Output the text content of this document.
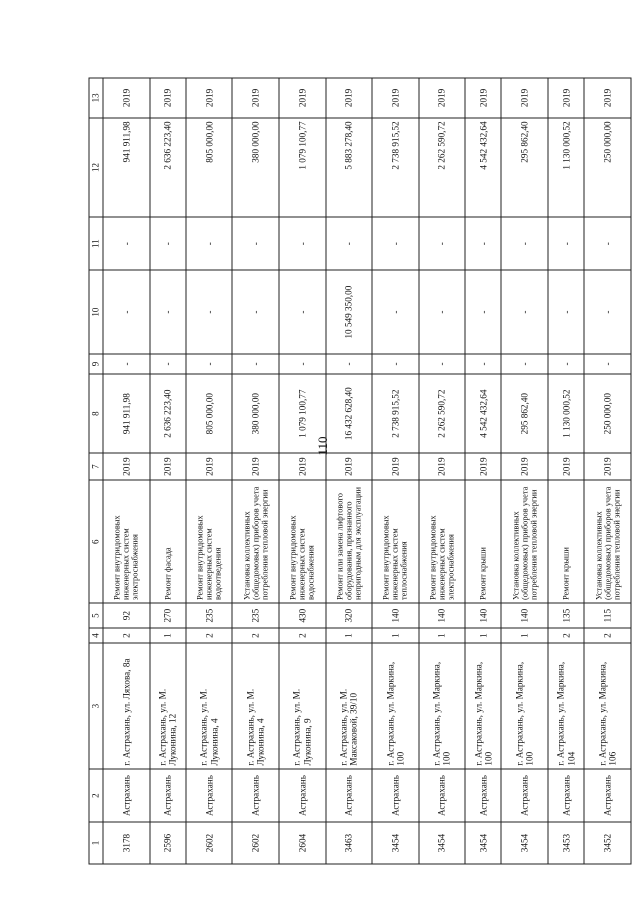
110
1	2	3	4	5	6	7	8	9	10	11	12	13
3178	Астрахань	г. Астрахань, ул. Ляхова, 8а	2	92	Ремонт внутридомовых инженерных систем электроснабжения	2019	941 911,98	-	-	-	941 911,98	2019
2596	Астрахань	г. Астрахань, ул. М. Луконина, 12	1	270	Ремонт фасада	2019	2 636 223,40	-	-	-	2 636 223,40	2019
2602	Астрахань	г. Астрахань, ул. М. Луконина, 4	2	235	Ремонт внутридомовых инженерных систем водоотведения	2019	805 000,00	-	-	-	805 000,00	2019
2602	Астрахань	г. Астрахань, ул. М. Луконина, 4	2	235	Установка коллективных (общедомовых) приборов учета потребления тепловой энергии	2019	380 000,00	-	-	-	380 000,00	2019
2604	Астрахань	г. Астрахань, ул. М. Луконина, 9	2	430	Ремонт внутридомовых инженерных систем водоснабжения	2019	1 079 100,77	-	-	-	1 079 100,77	2019
3463	Астрахань	г. Астрахань, ул. М. Максаковой, 39/10	1	320	Ремонт или замена лифтового оборудования, признанного непригодным для эксплуатации	2019	16 432 628,40	-	10 549 350,00	-	5 883 278,40	2019
3454	Астрахань	г. Астрахань, ул. Маркина, 100	1	140	Ремонт внутридомовых инженерных систем теплоснабжения	2019	2 738 915,52	-	-	-	2 738 915,52	2019
3454	Астрахань	г. Астрахань, ул. Маркина, 100	1	140	Ремонт внутридомовых инженерных систем электроснабжения	2019	2 262 590,72	-	-	-	2 262 590,72	2019
3454	Астрахань	г. Астрахань, ул. Маркина, 100	1	140	Ремонт крыши	2019	4 542 432,64	-	-	-	4 542 432,64	2019
3454	Астрахань	г. Астрахань, ул. Маркина, 100	1	140	Установка коллективных (общедомовых) приборов учета потребления тепловой энергии	2019	295 862,40	-	-	-	295 862,40	2019
3453	Астрахань	г. Астрахань, ул. Маркина, 104	2	135	Ремонт крыши	2019	1 130 000,52	-	-	-	1 130 000,52	2019
3452	Астрахань	г. Астрахань, ул. Маркина, 106	2	115	Установка коллективных (общедомовых) приборов учета потребления тепловой энергии	2019	250 000,00	-	-	-	250 000,00	2019
